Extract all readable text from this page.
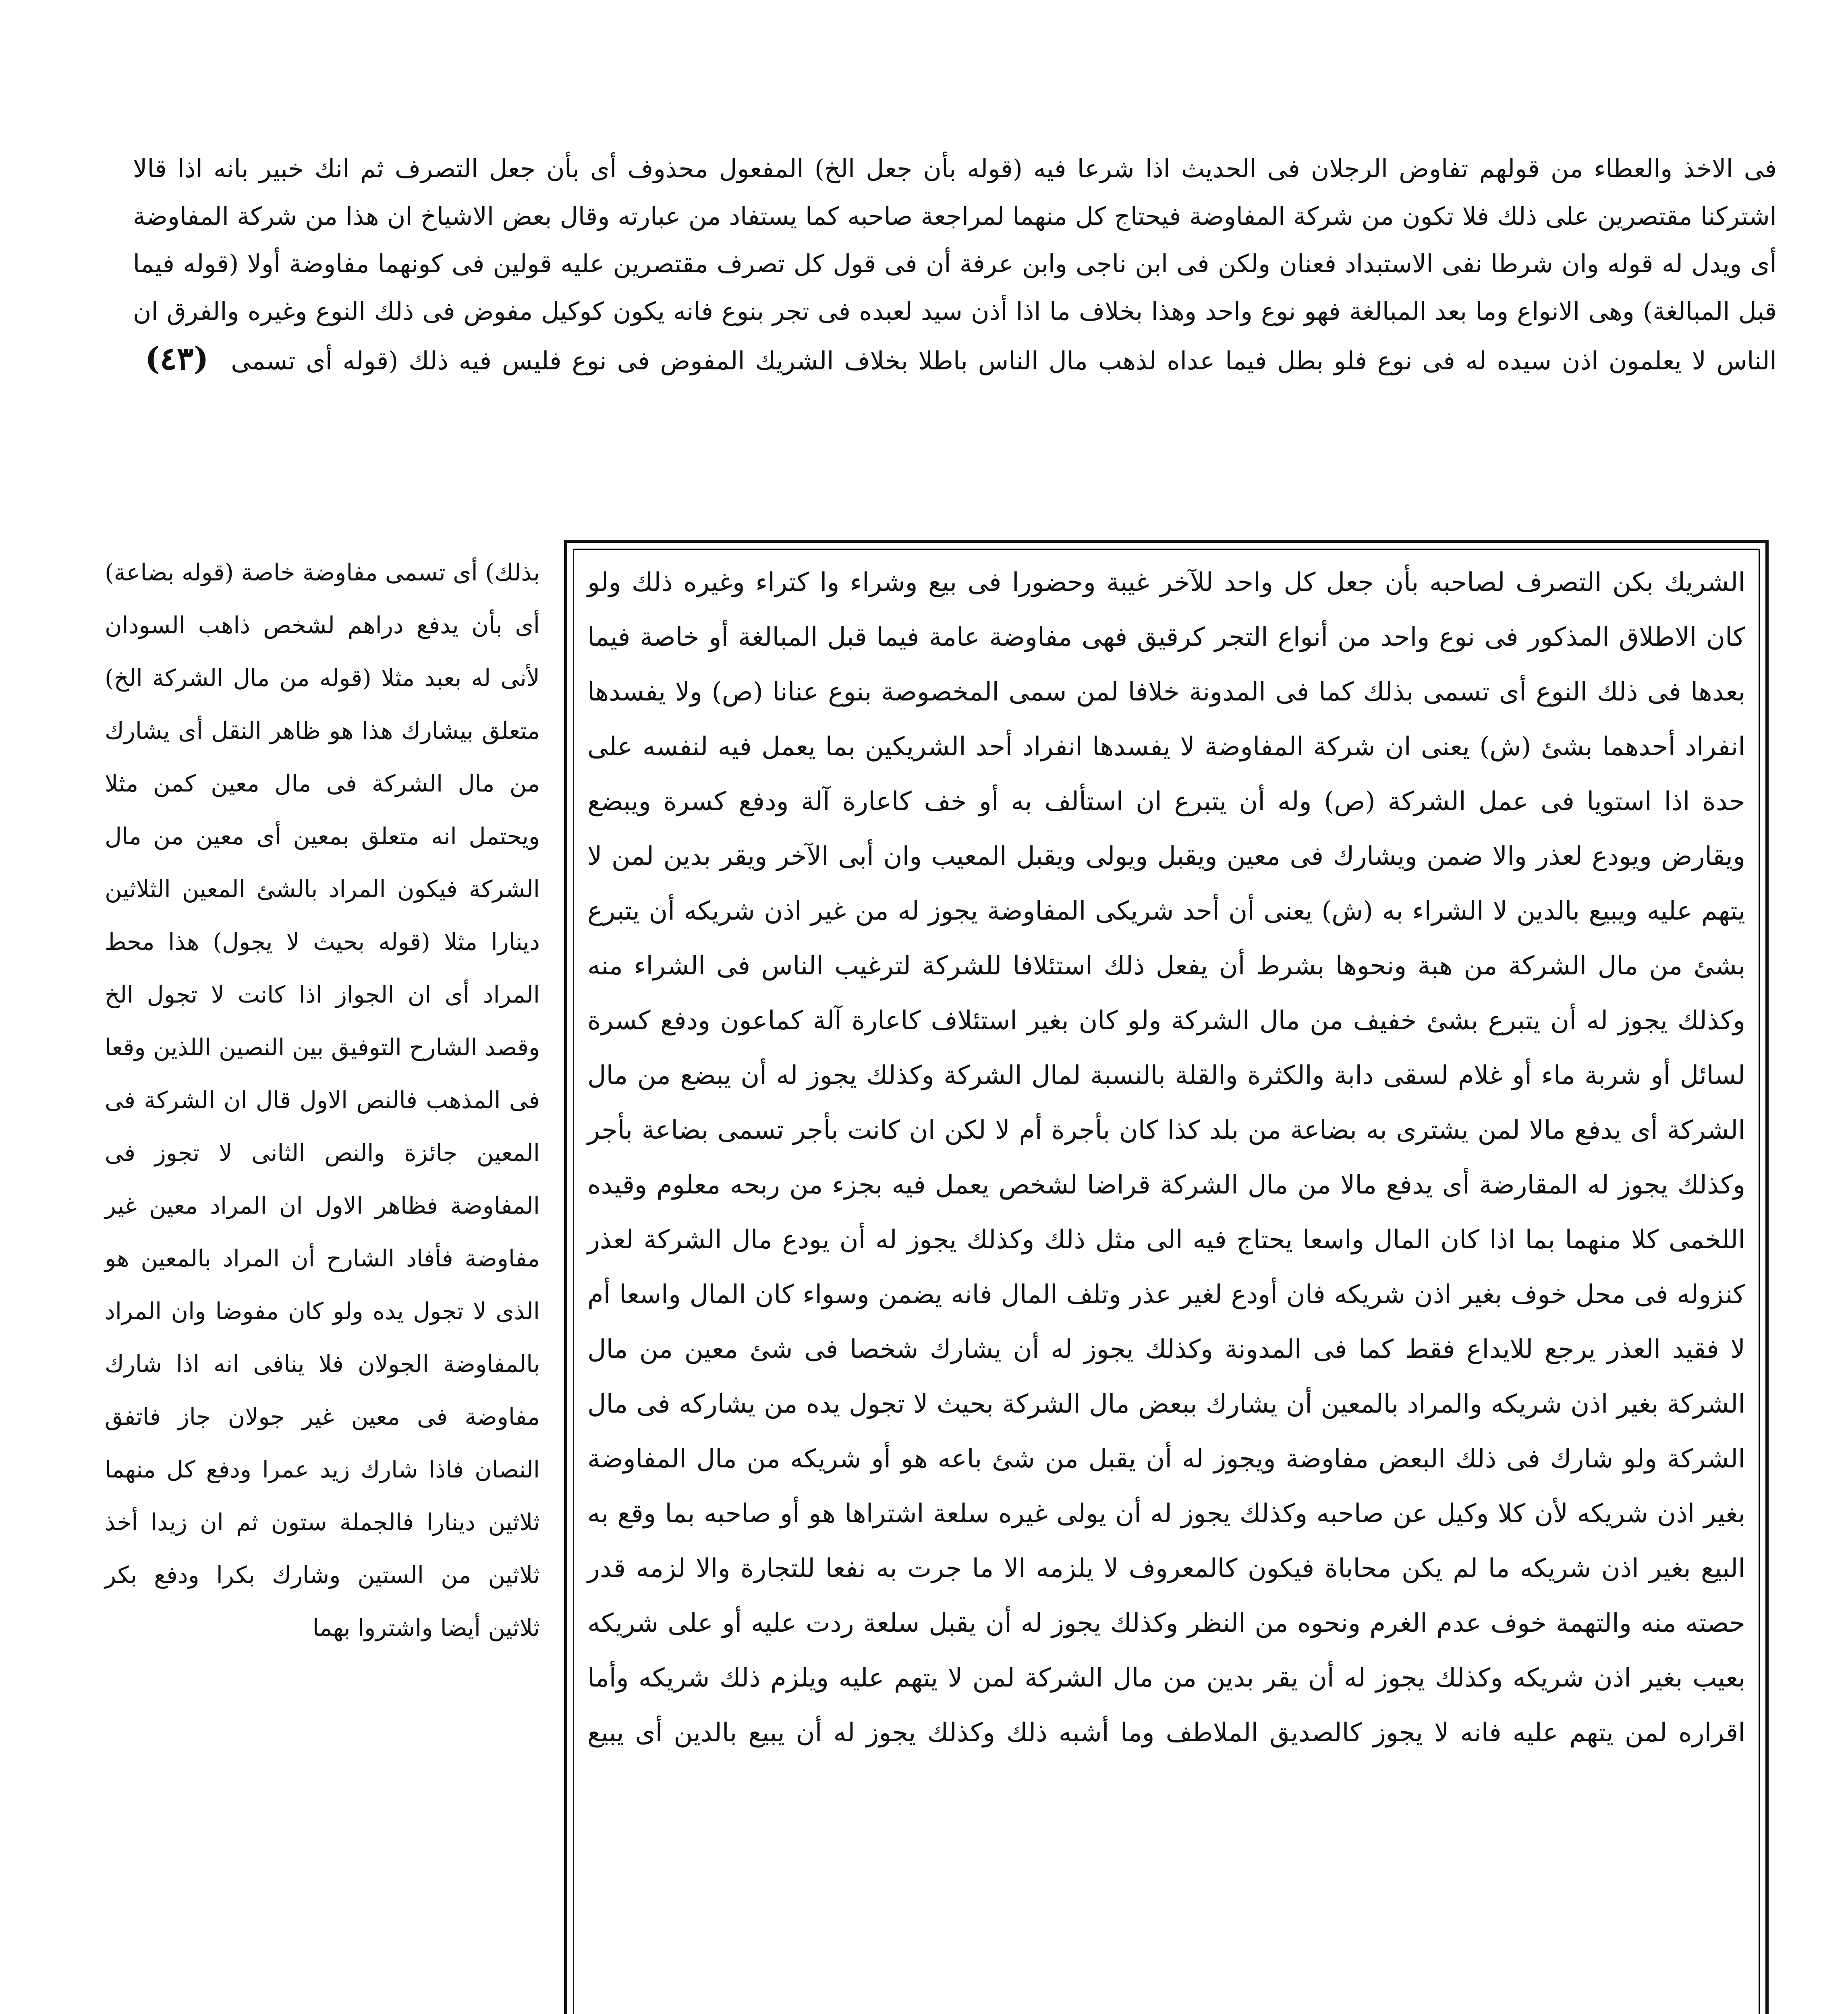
فى الاخذ والعطاء من قولهم تفاوض الرجلان فى الحديث اذا شرعا فيه (قوله بأن جعل الخ) المفعول محذوف أى بأن جعل التصرف ثم انك خبير بانه اذا قالا اشتركنا مقتصرين على ذلك فلا تكون من شركة المفاوضة فيحتاج كل منهما لمراجعة صاحبه كما يستفاد من عبارته وقال بعض الاشياخ ان هذا من شركة المفاوضة أى ويدل له قوله وان شرطا نفى الاستبداد فعنان ولكن فى ابن ناجى وابن عرفة أن فى قول كل تصرف مقتصرين عليه قولين فى كونهما مفاوضة أولا (قوله فيما قبل المبالغة) وهى الانواع وما بعد المبالغة فهو نوع واحد وهذا بخلاف ما اذا أذن سيد لعبده فى تجر بنوع فانه يكون كوكيل مفوض فى ذلك النوع وغيره والفرق ان الناس لا يعلمون اذن سيده له فى نوع فلو بطل فيما عداه لذهب مال الناس باطلا بخلاف الشريك المفوض فى نوع فليس فيه ذلك (قوله أى تسمى (٤٣)

بذلك) أى تسمى مفاوضة خاصة (قوله بضاعة) أى بأن يدفع دراهم لشخص ذاهب السودان لأنى له بعبد مثلا (قوله من مال الشركة الخ) متعلق بيشارك هذا هو ظاهر النقل أى يشارك من مال الشركة فى مال معين كمن مثلا ويحتمل انه متعلق بمعين أى معين من مال الشركة فيكون المراد بالشئ المعين الثلاثين دينارا مثلا (قوله بحيث لا يجول) هذا محط المراد أى ان الجواز اذا كانت لا تجول الخ وقصد الشارح التوفيق بين النصين اللذين وقعا فى المذهب فالنص الاول قال ان الشركة فى المعين جائزة والنص الثانى لا تجوز فى المفاوضة فظاهر الاول ان المراد معين غير مفاوضة فأفاد الشارح أن المراد بالمعين هو الذى لا تجول يده ولو كان مفوضا وان المراد بالمفاوضة الجولان فلا ينافى انه اذا شارك مفاوضة فى معين غير جولان جاز فاتفق النصان فاذا شارك زيد عمرا ودفع كل منهما ثلاثين دينارا فالجملة ستون ثم ان زيدا أخذ ثلاثين من الستين وشارك بكرا ودفع بكر ثلاثين أيضا واشتروا بهما

الشريك بكن التصرف لصاحبه بأن جعل كل واحد للآخر غيبة وحضورا فى بيع وشراء وا كتراء وغيره ذلك ولو كان الاطلاق المذكور فى نوع واحد من أنواع التجر كرقيق فهى مفاوضة عامة فيما قبل المبالغة أو خاصة فيما بعدها فى ذلك النوع أى تسمى بذلك كما فى المدونة خلافا لمن سمى المخصوصة بنوع عنانا (ص) ولا يفسدها انفراد أحدهما بشئ (ش) يعنى ان شركة المفاوضة لا يفسدها انفراد أحد الشريكين بما يعمل فيه لنفسه على حدة اذا استويا فى عمل الشركة (ص) وله أن يتبرع ان استألف به أو خف كاعارة آلة ودفع كسرة ويبضع ويقارض ويودع لعذر والا ضمن ويشارك فى معين ويقبل ويولى ويقبل المعيب وان أبى الآخر ويقر بدين لمن لا يتهم عليه ويبيع بالدين لا الشراء به (ش) يعنى أن أحد شريكى المفاوضة يجوز له من غير اذن شريكه أن يتبرع بشئ من مال الشركة من هبة ونحوها بشرط أن يفعل ذلك استئلافا للشركة لترغيب الناس فى الشراء منه وكذلك يجوز له أن يتبرع بشئ خفيف من مال الشركة ولو كان بغير استئلاف كاعارة آلة كماعون ودفع كسرة لسائل أو شربة ماء أو غلام لسقى دابة والكثرة والقلة بالنسبة لمال الشركة وكذلك يجوز له أن يبضع من مال الشركة أى يدفع مالا لمن يشترى به بضاعة من بلد كذا كان بأجرة أم لا لكن ان كانت بأجر تسمى بضاعة بأجر وكذلك يجوز له المقارضة أى يدفع مالا من مال الشركة قراضا لشخص يعمل فيه بجزء من ربحه معلوم وقيده اللخمى كلا منهما بما اذا كان المال واسعا يحتاج فيه الى مثل ذلك وكذلك يجوز له أن يودع مال الشركة لعذر كنزوله فى محل خوف بغير اذن شريكه فان أودع لغير عذر وتلف المال فانه يضمن وسواء كان المال واسعا أم لا فقيد العذر يرجع للايداع فقط كما فى المدونة وكذلك يجوز له أن يشارك شخصا فى شئ معين من مال الشركة بغير اذن شريكه والمراد بالمعين أن يشارك ببعض مال الشركة بحيث لا تجول يده من يشاركه فى مال الشركة ولو شارك فى ذلك البعض مفاوضة ويجوز له أن يقبل من شئ باعه هو أو شريكه من مال المفاوضة بغير اذن شريكه لأن كلا وكيل عن صاحبه وكذلك يجوز له أن يولى غيره سلعة اشتراها هو أو صاحبه بما وقع به البيع بغير اذن شريكه ما لم يكن محاباة فيكون كالمعروف لا يلزمه الا ما جرت به نفعا للتجارة والا لزمه قدر حصته منه والتهمة خوف عدم الغرم ونحوه من النظر وكذلك يجوز له أن يقبل سلعة ردت عليه أو على شريكه بعيب بغير اذن شريكه وكذلك يجوز له أن يقر بدين من مال الشركة لمن لا يتهم عليه ويلزم ذلك شريكه وأما اقراره لمن يتهم عليه فانه لا يجوز كالصديق الملاطف وما أشبه ذلك وكذلك يجوز له أن يبيع بالدين أى يبيع
